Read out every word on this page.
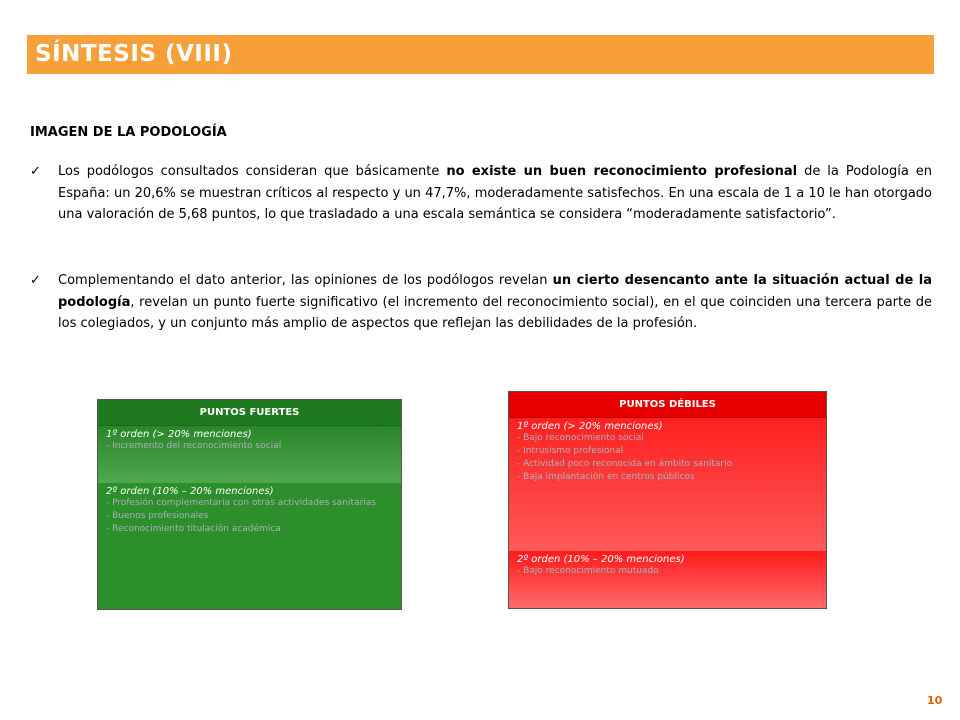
SÍNTESIS (VIII)
IMAGEN DE LA PODOLOGÍA
✓ Los podólogos consultados consideran que básicamente no existe un buen reconocimiento profesional de la Podología en España: un 20,6% se muestran críticos al respecto y un 47,7%, moderadamente satisfechos. En una escala de 1 a 10 le han otorgado una valoración de 5,68 puntos, lo que trasladado a una escala semántica se considera “moderadamente satisfactorio”.
✓ Complementando el dato anterior, las opiniones de los podólogos revelan un cierto desencanto ante la situación actual de la podología, revelan un punto fuerte significativo (el incremento del reconocimiento social), en el que coinciden una tercera parte de los colegiados, y un conjunto más amplio de aspectos que reflejan las debilidades de la profesión.
PUNTOS FUERTES
1º orden (> 20% menciones)
- Incremento del reconocimiento social
2º orden (10% – 20% menciones)
- Profesión complementaria con otras actividades sanitarias
- Buenos profesionales
- Reconocimiento titulación académica
PUNTOS DÉBILES
1º orden (> 20% menciones)
- Bajo reconocimiento social
- Intrusismo profesional
- Actividad poco reconocida en ámbito sanitario
- Baja implantación en centros públicos
2º orden (10% – 20% menciones)
- Bajo reconocimiento mutuado
10
